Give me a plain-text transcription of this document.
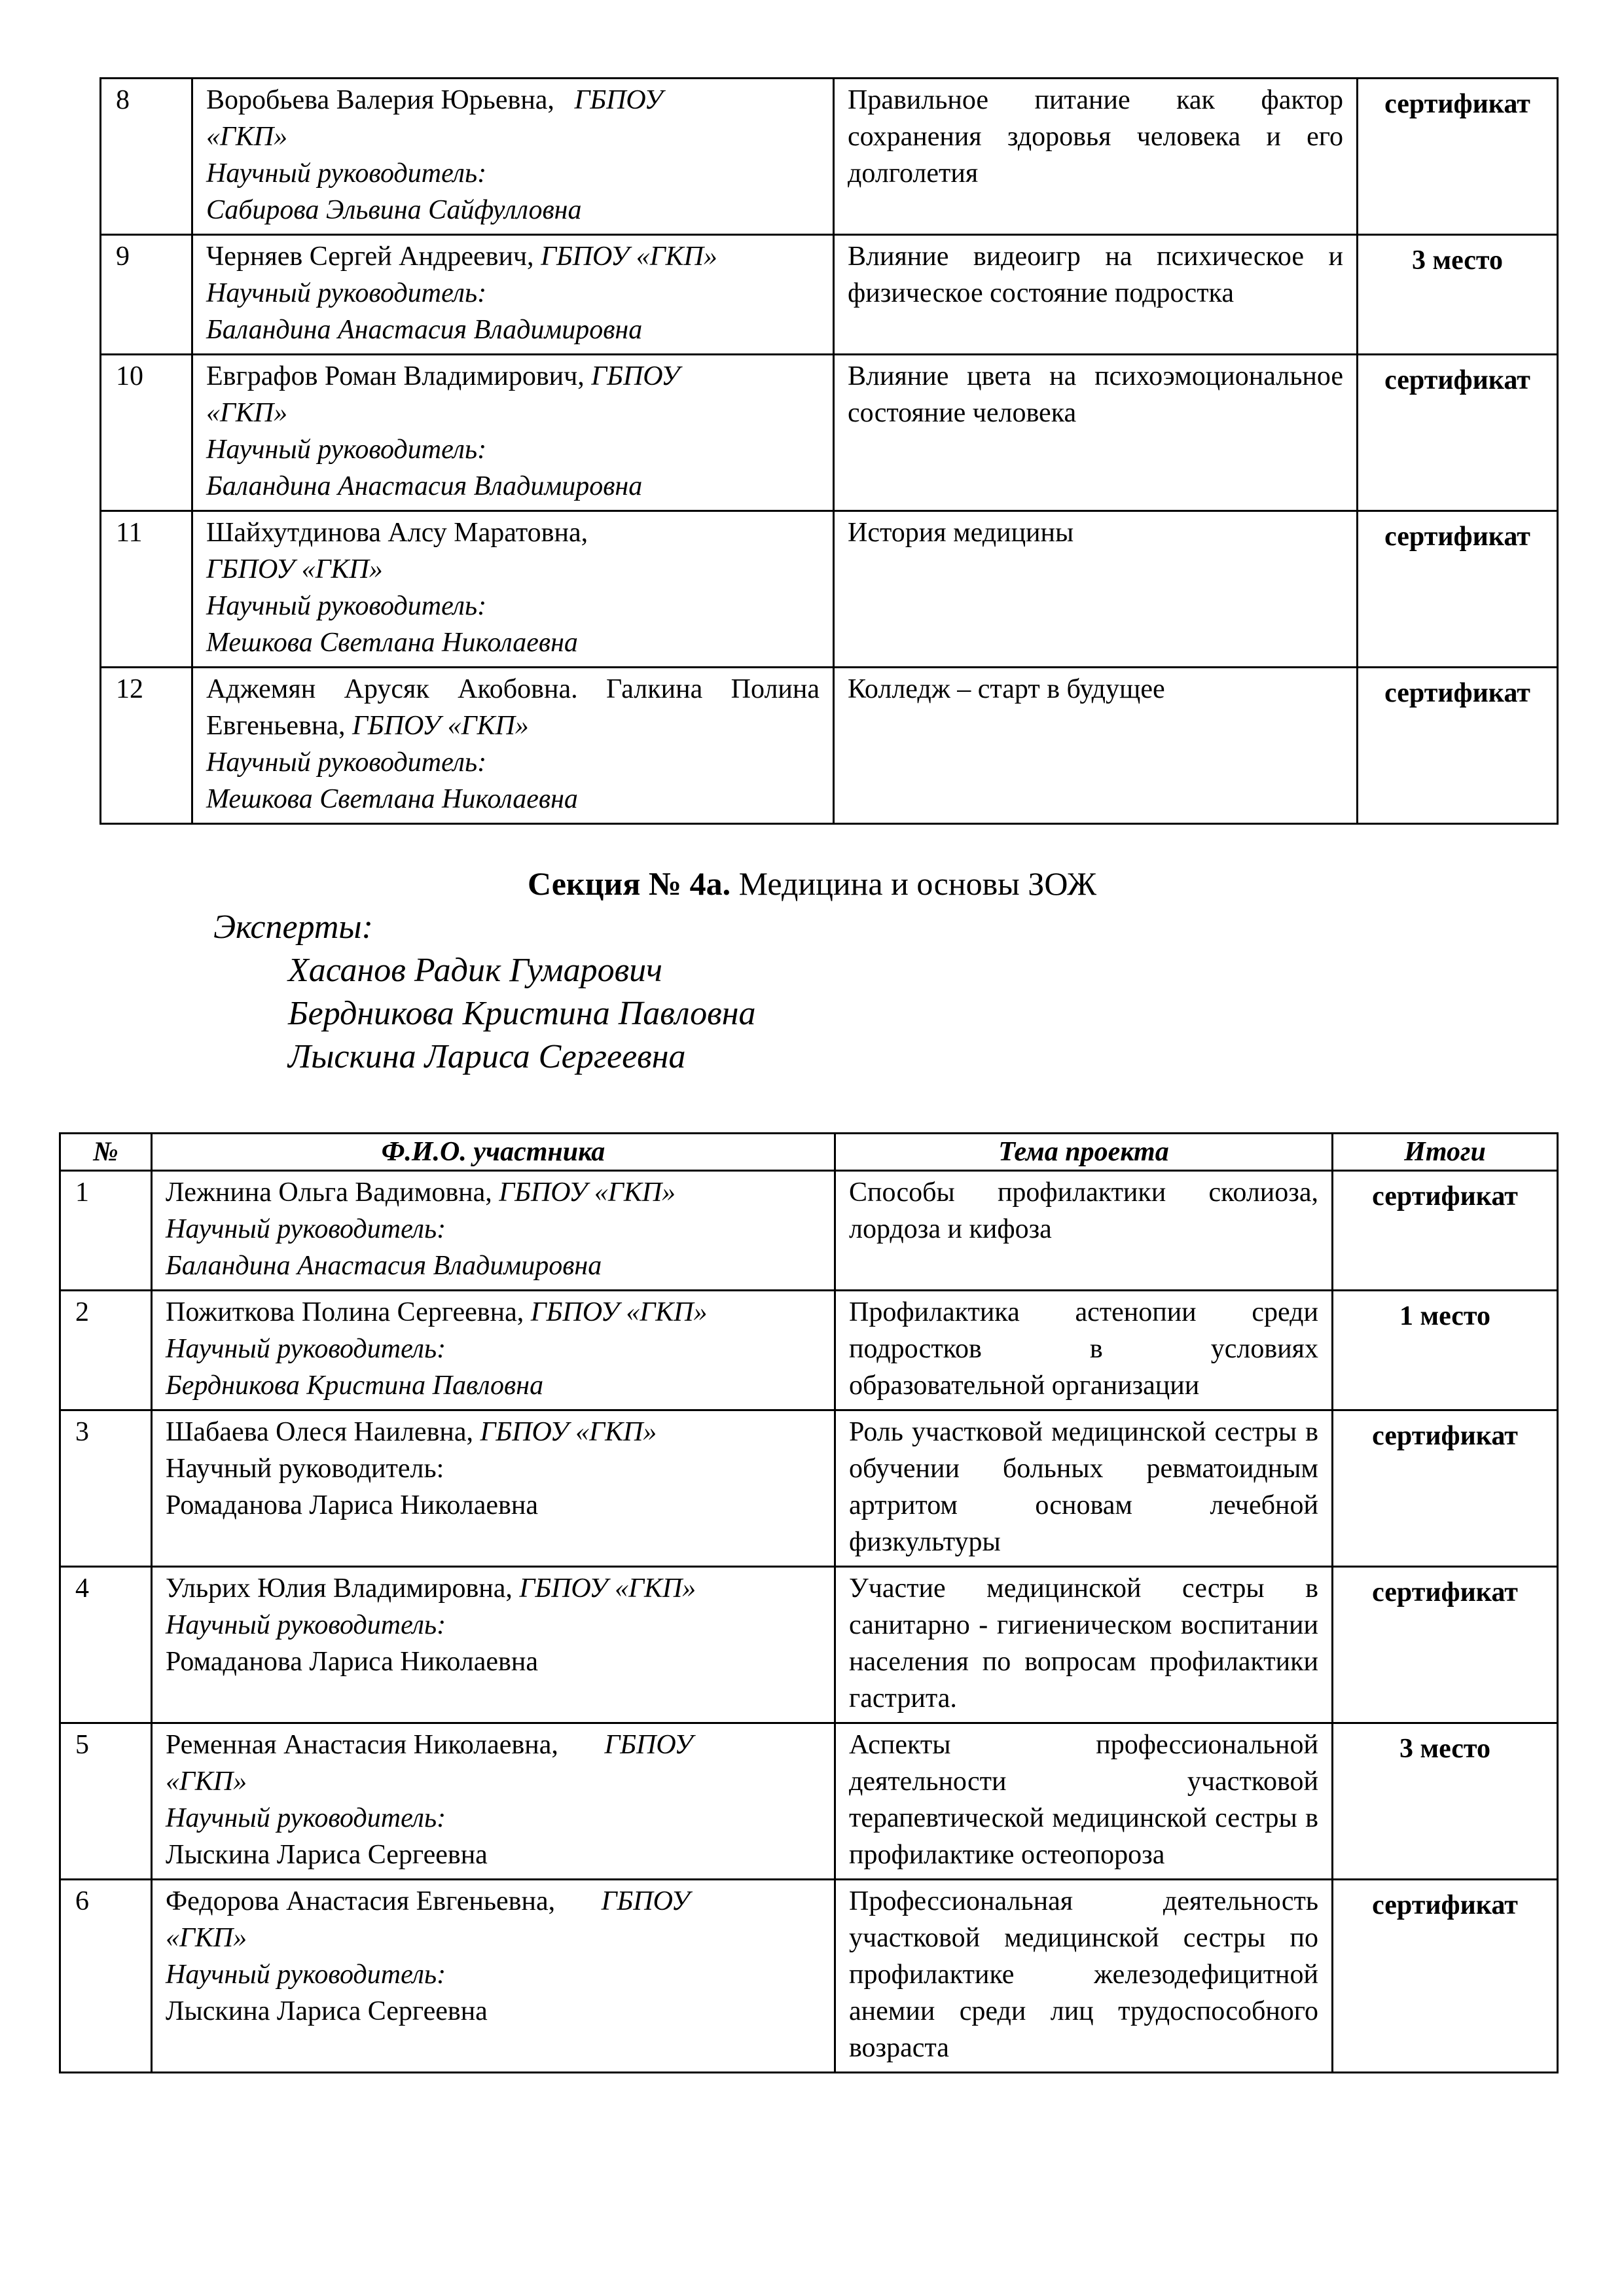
8	Воробьева Валерия Юрьевна, ГБПОУ
«ГКП»
Научный руководитель:
Сабирова Эльвина Сайфулловна	Правильное питание как фактор сохранения здоровья человека и его долголетия	сертификат
9	Черняев Сергей Андреевич, ГБПОУ «ГКП»
Научный руководитель:
Баландина Анастасия Владимировна	Влияние видеоигр на психическое и физическое состояние подростка	3 место
10	Евграфов Роман Владимирович, ГБПОУ
«ГКП»
Научный руководитель:
Баландина Анастасия Владимировна	Влияние цвета на психоэмоциональное состояние человека	сертификат
11	Шайхутдинова Алсу Маратовна,
ГБПОУ «ГКП»
Научный руководитель:
Мешкова Светлана Николаевна	История медицины	сертификат
12	Аджемян Арусяк Акобовна. Галкина Полина Евгеньевна, ГБПОУ «ГКП»
Научный руководитель:
Мешкова Светлана Николаевна	Колледж – старт в будущее	сертификат
Секция № 4а. Медицина и основы ЗОЖ
Эксперты:
Хасанов Радик Гумарович
Бердникова Кристина Павловна
Лыскина Лариса Сергеевна
№	Ф.И.О. участника	Тема проекта	Итоги
1	Лежнина Ольга Вадимовна, ГБПОУ «ГКП»
Научный руководитель:
Баландина Анастасия Владимировна	Способы профилактики сколиоза, лордоза и кифоза	сертификат
2	Пожиткова Полина Сергеевна, ГБПОУ «ГКП»
Научный руководитель:
Бердникова Кристина Павловна	Профилактика астенопии среди подростков в условиях образовательной организации	1 место
3	Шабаева Олеся Наилевна, ГБПОУ «ГКП»
Научный руководитель:
Ромаданова Лариса Николаевна	Роль участковой медицинской сестры в обучении больных ревматоидным артритом основам лечебной физкультуры	сертификат
4	Ульрих Юлия Владимировна, ГБПОУ «ГКП»
Научный руководитель:
Ромаданова Лариса Николаевна	Участие медицинской сестры в санитарно - гигиеническом воспитании населения по вопросам профилактики гастрита.	сертификат
5	Ременная Анастасия Николаевна, ГБПОУ
«ГКП»
Научный руководитель:
Лыскина Лариса Сергеевна	Аспекты профессиональной деятельности участковой терапевтической медицинской сестры в профилактике остеопороза	3 место
6	Федорова Анастасия Евгеньевна, ГБПОУ
«ГКП»
Научный руководитель:
Лыскина Лариса Сергеевна	Профессиональная деятельность участковой медицинской сестры по профилактике железодефицитной анемии среди лиц трудоспособного возраста	сертификат
